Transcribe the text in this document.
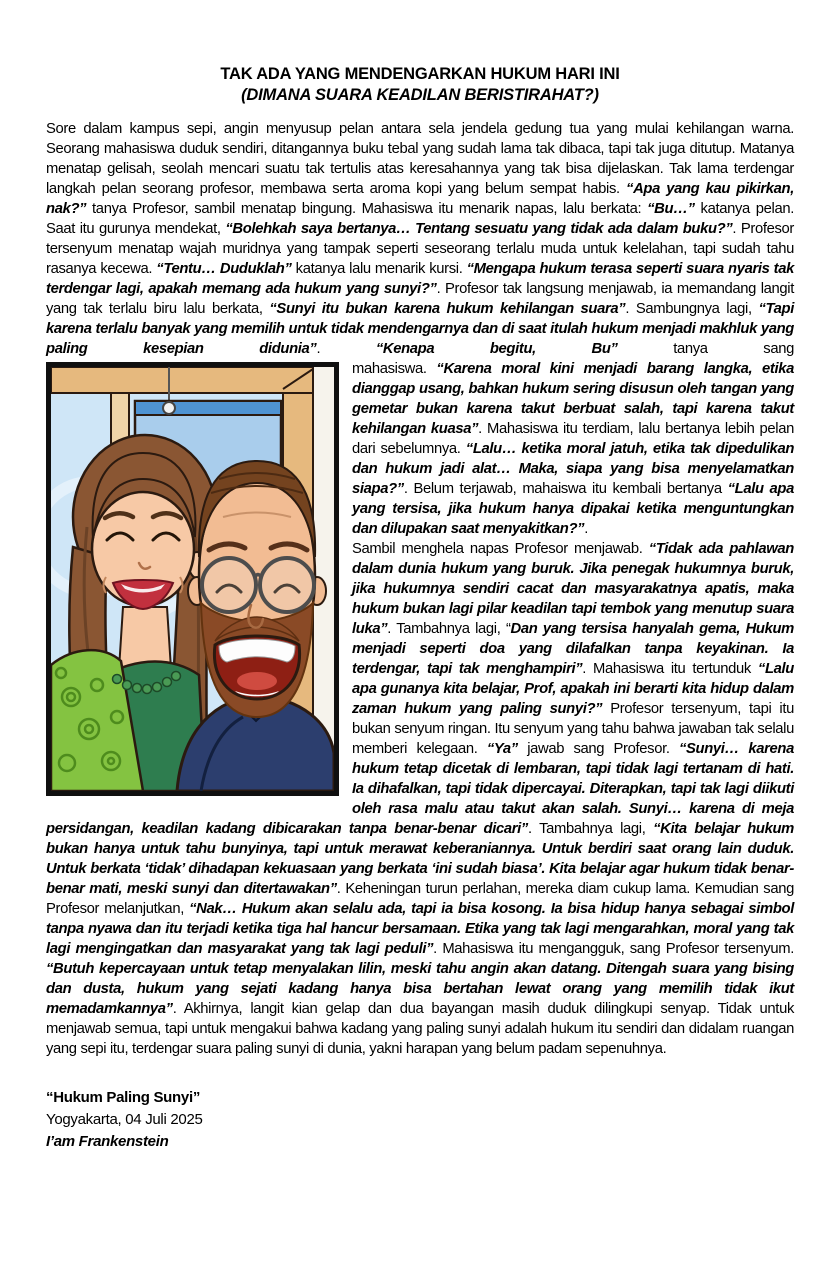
TAK ADA YANG MENDENGARKAN HUKUM HARI INI
(DIMANA SUARA KEADILAN BERISTIRAHAT?)

Sore dalam kampus sepi, angin menyusup pelan antara sela jendela gedung tua yang mulai kehilangan warna. Seorang mahasiswa duduk sendiri, ditangannya buku tebal yang sudah lama tak dibaca, tapi tak juga ditutup. Matanya menatap gelisah, seolah mencari suatu tak tertulis atas keresahannya yang tak bisa dijelaskan. Tak lama terdengar langkah pelan seorang profesor, membawa serta aroma kopi yang belum sempat habis. “Apa yang kau pikirkan, nak?” tanya Profesor, sambil menatap bingung. Mahasiswa itu menarik napas, lalu berkata: “Bu…” katanya pelan. Saat itu gurunya mendekat, “Bolehkah saya bertanya… Tentang sesuatu yang tidak ada dalam buku?”. Profesor tersenyum menatap wajah muridnya yang tampak seperti seseorang terlalu muda untuk kelelahan, tapi sudah tahu rasanya kecewa. “Tentu… Duduklah” katanya lalu menarik kursi. “Mengapa hukum terasa seperti suara nyaris tak terdengar lagi, apakah memang ada hukum yang sunyi?”. Profesor tak langsung menjawab, ia memandang langit yang tak terlalu biru lalu berkata, “Sunyi itu bukan karena hukum kehilangan suara”. Sambungnya lagi, “Tapi karena terlalu banyak yang memilih untuk tidak mendengarnya dan di saat itulah hukum menjadi makhluk yang paling kesepian didunia”. “Kenapa begitu, Bu” tanya sang

mahasiswa. “Karena moral kini menjadi barang langka, etika dianggap usang, bahkan hukum sering disusun oleh tangan yang gemetar bukan karena takut berbuat salah, tapi karena takut kehilangan kuasa”. Mahasiswa itu terdiam, lalu bertanya lebih pelan dari sebelumnya. “Lalu… ketika moral jatuh, etika tak dipedulikan dan hukum jadi alat… Maka, siapa yang bisa menyelamatkan siapa?”. Belum terjawab, mahaiswa itu kembali bertanya “Lalu apa yang tersisa, jika hukum hanya dipakai ketika menguntungkan dan dilupakan saat menyakitkan?”.

Sambil menghela napas Profesor menjawab. “Tidak ada pahlawan dalam dunia hukum yang buruk. Jika penegak hukumnya buruk, jika hukumnya sendiri cacat dan masyarakatnya apatis, maka hukum bukan lagi pilar keadilan tapi tembok yang menutup suara luka”. Tambahnya lagi, “Dan yang tersisa hanyalah gema, Hukum menjadi seperti doa yang dilafalkan tanpa keyakinan. Ia terdengar, tapi tak menghampiri”. Mahasiswa itu tertunduk “Lalu apa gunanya kita belajar, Prof, apakah ini berarti kita hidup dalam zaman hukum yang paling sunyi?” Profesor tersenyum, tapi itu bukan senyum ringan. Itu senyum yang tahu bahwa jawaban tak selalu memberi kelegaan. “Ya” jawab sang Profesor. “Sunyi… karena hukum tetap dicetak di lembaran, tapi tidak lagi tertanam di hati. Ia dihafalkan, tapi tidak dipercayai. Diterapkan, tapi tak lagi diikuti oleh rasa malu atau takut akan salah. Sunyi… karena di meja persidangan, keadilan kadang dibicarakan tanpa benar-benar dicari”. Tambahnya lagi, “Kita belajar hukum bukan hanya untuk tahu bunyinya, tapi untuk merawat keberaniannya. Untuk berdiri saat orang lain duduk. Untuk berkata ‘tidak’ dihadapan kekuasaan yang berkata ‘ini sudah biasa’. Kita belajar agar hukum tidak benar-benar mati, meski sunyi dan ditertawakan”. Keheningan turun perlahan, mereka diam cukup lama. Kemudian sang Profesor melanjutkan, “Nak… Hukum akan selalu ada, tapi ia bisa kosong. Ia bisa hidup hanya sebagai simbol tanpa nyawa dan itu terjadi ketika tiga hal hancur bersamaan. Etika yang tak lagi mengarahkan, moral yang tak lagi mengingatkan dan masyarakat yang tak lagi peduli”. Mahasiswa itu mengangguk, sang Profesor tersenyum. “Butuh kepercayaan untuk tetap menyalakan lilin, meski tahu angin akan datang. Ditengah suara yang bising dan dusta, hukum yang sejati kadang hanya bisa bertahan lewat orang yang memilih tidak ikut memadamkannya”. Akhirnya, langit kian gelap dan dua bayangan masih duduk dilingkupi senyap. Tidak untuk menjawab semua, tapi untuk mengakui bahwa kadang yang paling sunyi adalah hukum itu sendiri dan didalam ruangan yang sepi itu, terdengar suara paling sunyi di dunia, yakni harapan yang belum padam sepenuhnya.

“Hukum Paling Sunyi”
Yogyakarta, 04 Juli 2025
I’am Frankenstein
